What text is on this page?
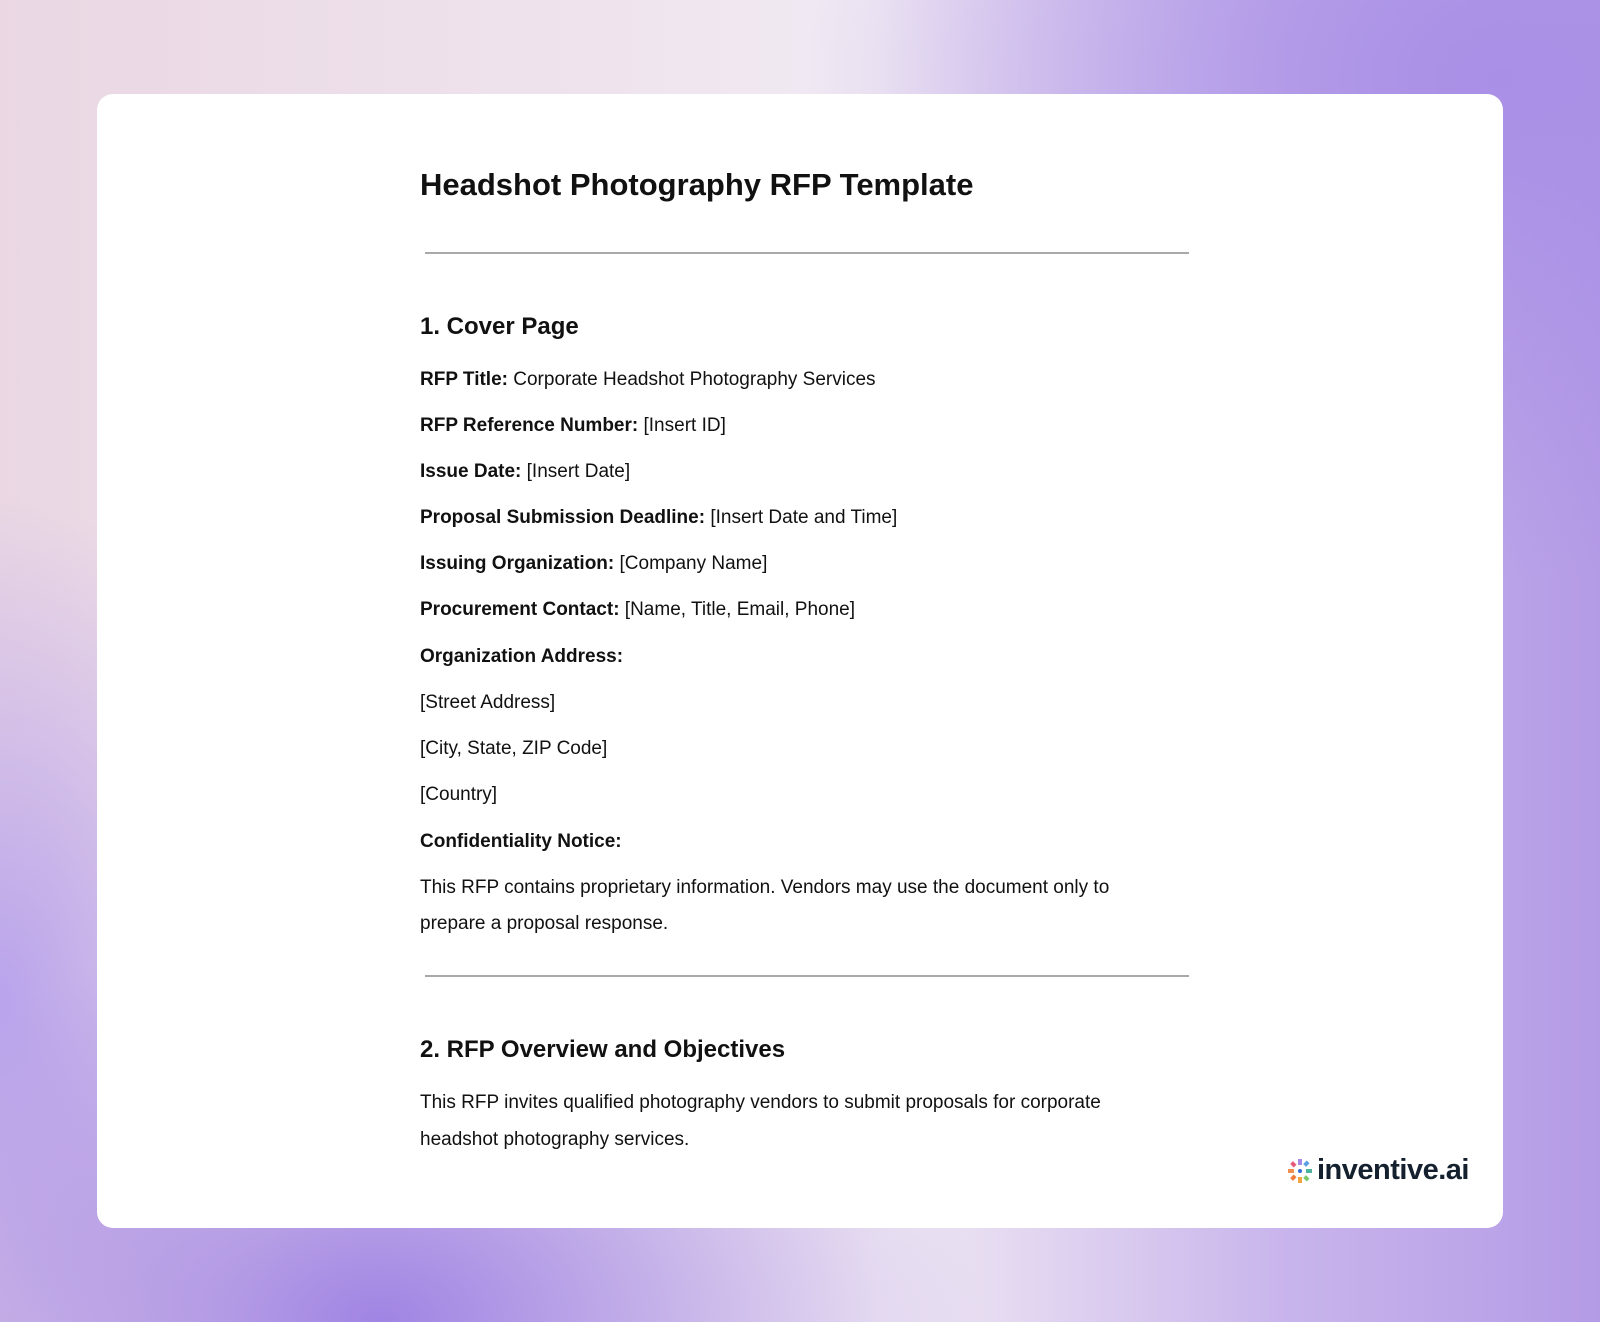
Headshot Photography RFP Template
1. Cover Page
RFP Title: Corporate Headshot Photography Services
RFP Reference Number: [Insert ID]
Issue Date: [Insert Date]
Proposal Submission Deadline: [Insert Date and Time]
Issuing Organization: [Company Name]
Procurement Contact: [Name, Title, Email, Phone]
Organization Address:
[Street Address]
[City, State, ZIP Code]
[Country]
Confidentiality Notice:
This RFP contains proprietary information. Vendors may use the document only to
prepare a proposal response.
2. RFP Overview and Objectives
This RFP invites qualified photography vendors to submit proposals for corporate
headshot photography services.
inventive.ai
